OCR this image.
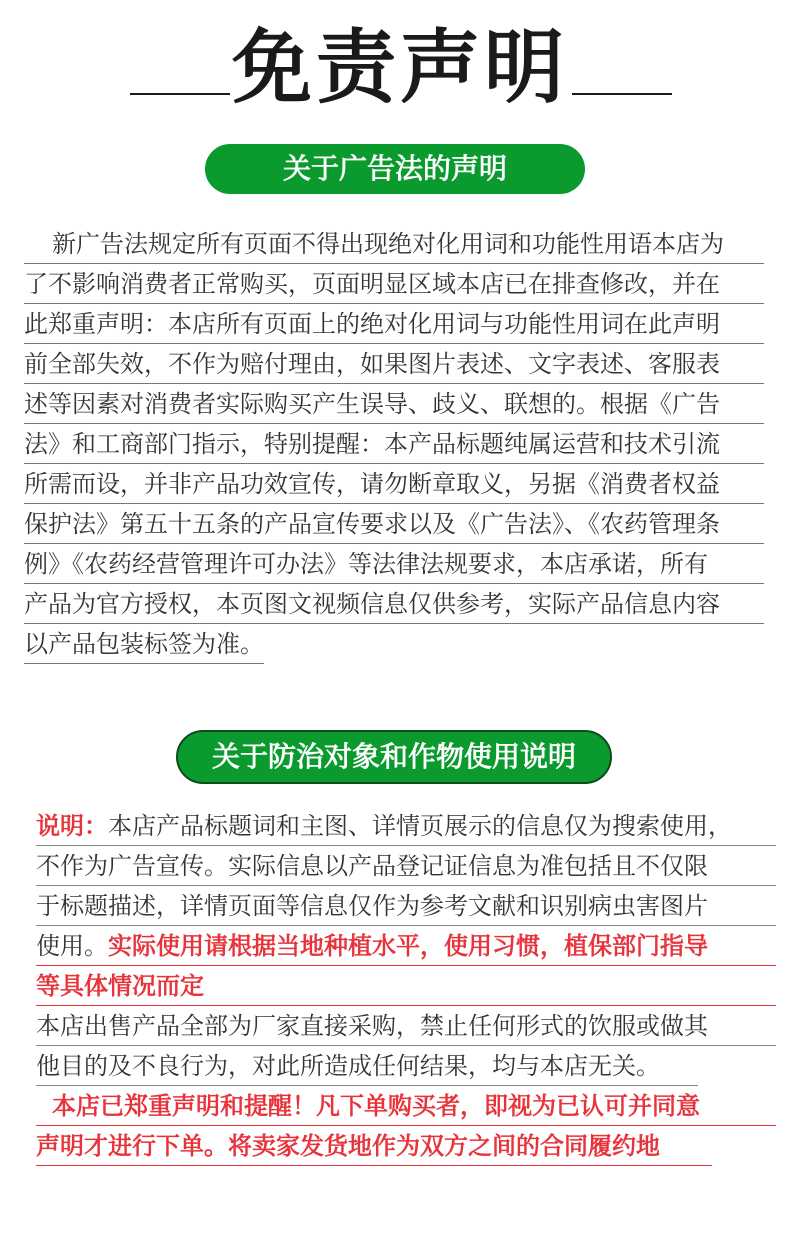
免责声明
关于广告法的声明
新广告法规定所有页面不得出现绝对化用词和功能性用语本店为
了不影响消费者正常购买，页面明显区域本店已在排查修改，并在
此郑重声明：本店所有页面上的绝对化用词与功能性用词在此声明
前全部失效，不作为赔付理由，如果图片表述、文字表述、客服表
述等因素对消费者实际购买产生误导、歧义、联想的。根据《广告
法》和工商部门指示，特别提醒：本产品标题纯属运营和技术引流
所需而设，并非产品功效宣传，请勿断章取义，另据《消费者权益
保护法》第五十五条的产品宣传要求以及《广告法》、《农药管理条
例》《农药经营管理许可办法》等法律法规要求，本店承诺，所有
产品为官方授权，本页图文视频信息仅供参考，实际产品信息内容
以产品包装标签为准。
关于防治对象和作物使用说明
说明：本店产品标题词和主图、详情页展示的信息仅为搜索使用，
不作为广告宣传。实际信息以产品登记证信息为准包括且不仅限
于标题描述，详情页面等信息仅作为参考文献和识别病虫害图片
使用。实际使用请根据当地种植水平，使用习惯，植保部门指导
等具体情况而定
本店出售产品全部为厂家直接采购，禁止任何形式的饮服或做其
他目的及不良行为，对此所造成任何结果，均与本店无关。
本店已郑重声明和提醒！凡下单购买者，即视为已认可并同意
声明才进行下单。将卖家发货地作为双方之间的合同履约地
